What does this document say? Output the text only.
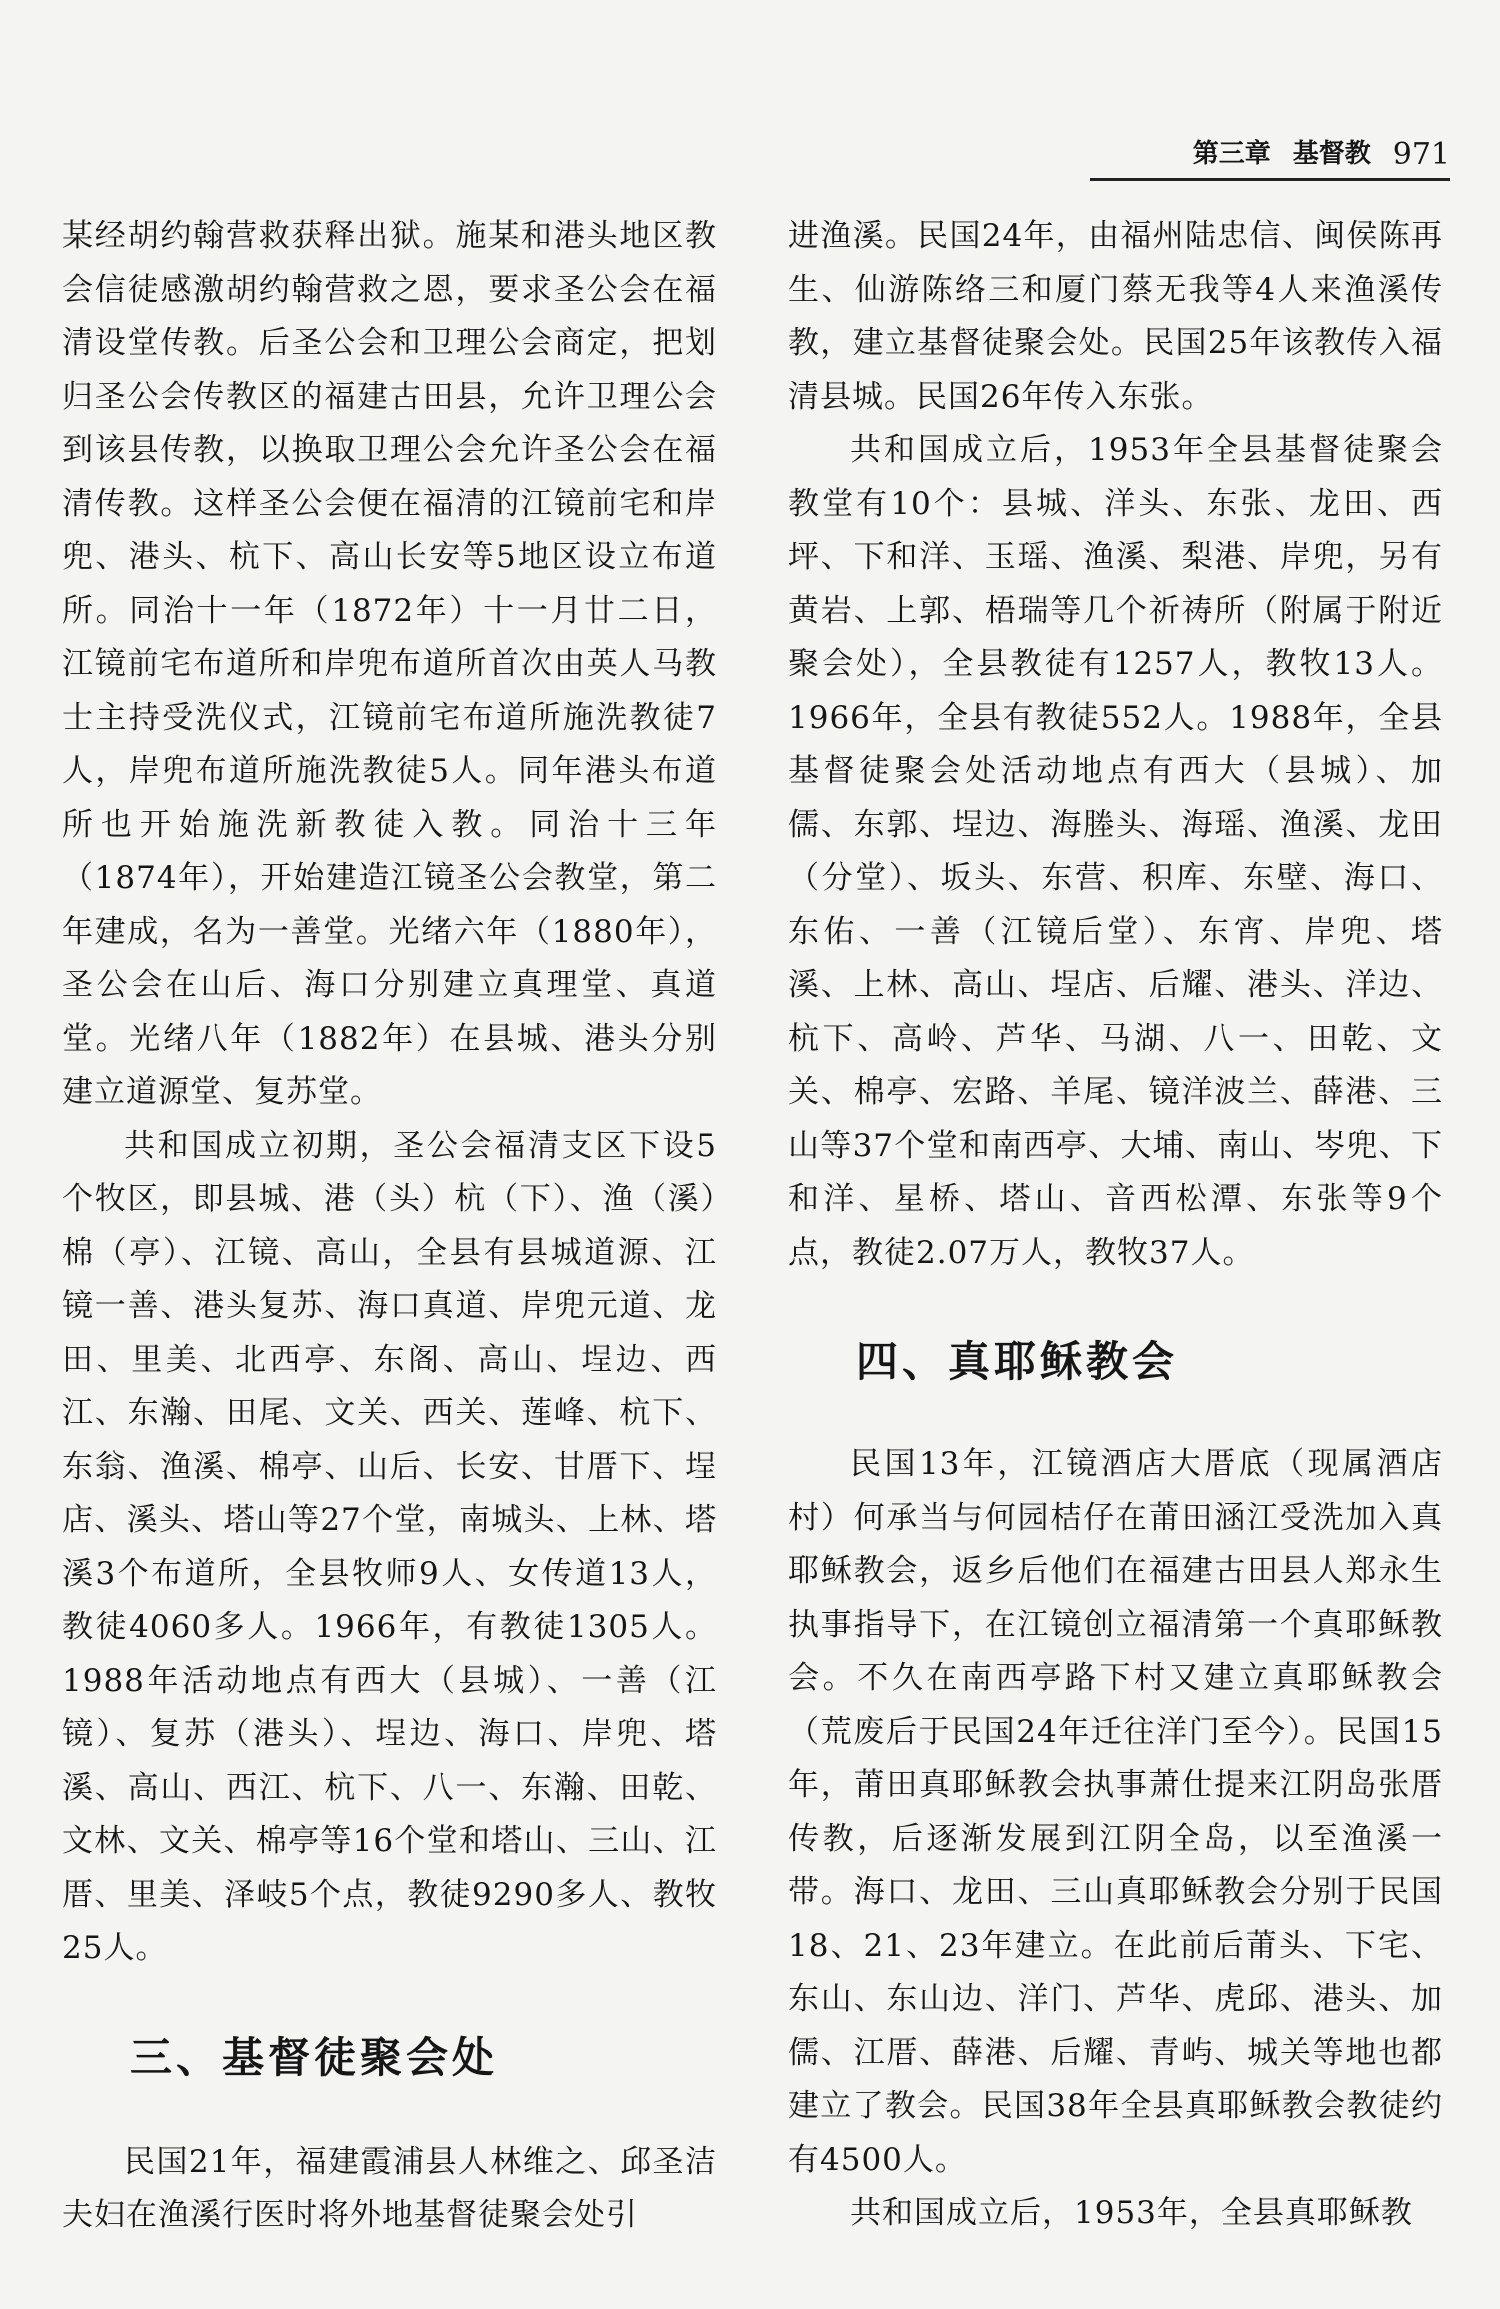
第三章 基督教 971

某经胡约翰营救获释出狱。施某和港头地区教会信徒感激胡约翰营救之恩，要求圣公会在福清设堂传教。后圣公会和卫理公会商定，把划归圣公会传教区的福建古田县，允许卫理公会到该县传教，以换取卫理公会允许圣公会在福清传教。这样圣公会便在福清的江镜前宅和岸兜、港头、杭下、高山长安等5地区设立布道所。同治十一年（1872年）十一月廿二日，江镜前宅布道所和岸兜布道所首次由英人马教士主持受洗仪式，江镜前宅布道所施洗教徒7人，岸兜布道所施洗教徒5人。同年港头布道所也开始施洗新教徒入教。同治十三年（1874年），开始建造江镜圣公会教堂，第二年建成，名为一善堂。光绪六年（1880年），圣公会在山后、海口分别建立真理堂、真道堂。光绪八年（1882年）在县城、港头分别建立道源堂、复苏堂。

共和国成立初期，圣公会福清支区下设5个牧区，即县城、港（头）杭（下）、渔（溪）棉（亭）、江镜、高山，全县有县城道源、江镜一善、港头复苏、海口真道、岸兜元道、龙田、里美、北西亭、东阁、高山、埕边、西江、东瀚、田尾、文关、西关、莲峰、杭下、东翁、渔溪、棉亭、山后、长安、甘厝下、埕店、溪头、塔山等27个堂，南城头、上林、塔溪3个布道所，全县牧师9人、女传道13人，教徒4060多人。1966年，有教徒1305人。1988年活动地点有西大（县城）、一善（江镜）、复苏（港头）、埕边、海口、岸兜、塔溪、高山、西江、杭下、八一、东瀚、田乾、文林、文关、棉亭等16个堂和塔山、三山、江厝、里美、泽岐5个点，教徒9290多人、教牧25人。

三、基督徒聚会处

民国21年，福建霞浦县人林维之、邱圣洁夫妇在渔溪行医时将外地基督徒聚会处引

进渔溪。民国24年，由福州陆忠信、闽侯陈再生、仙游陈络三和厦门蔡无我等4人来渔溪传教，建立基督徒聚会处。民国25年该教传入福清县城。民国26年传入东张。

共和国成立后，1953年全县基督徒聚会教堂有10个：县城、洋头、东张、龙田、西坪、下和洋、玉瑶、渔溪、梨港、岸兜，另有黄岩、上郭、梧瑞等几个祈祷所（附属于附近聚会处），全县教徒有1257人，教牧13人。1966年，全县有教徒552人。1988年，全县基督徒聚会处活动地点有西大（县城）、加儒、东郭、埕边、海塍头、海瑶、渔溪、龙田（分堂）、坂头、东营、积库、东壁、海口、东佑、一善（江镜后堂）、东宵、岸兜、塔溪、上林、高山、埕店、后耀、港头、洋边、杭下、高岭、芦华、马湖、八一、田乾、文关、棉亭、宏路、羊尾、镜洋波兰、薛港、三山等37个堂和南西亭、大埔、南山、岑兜、下和洋、星桥、塔山、音西松潭、东张等9个点，教徒2.07万人，教牧37人。

四、真耶稣教会

民国13年，江镜酒店大厝底（现属酒店村）何承当与何园桔仔在莆田涵江受洗加入真耶稣教会，返乡后他们在福建古田县人郑永生执事指导下，在江镜创立福清第一个真耶稣教会。不久在南西亭路下村又建立真耶稣教会（荒废后于民国24年迁往洋门至今）。民国15年，莆田真耶稣教会执事萧仕提来江阴岛张厝传教，后逐渐发展到江阴全岛，以至渔溪一带。海口、龙田、三山真耶稣教会分别于民国18、21、23年建立。在此前后莆头、下宅、东山、东山边、洋门、芦华、虎邱、港头、加儒、江厝、薛港、后耀、青屿、城关等地也都建立了教会。民国38年全县真耶稣教会教徒约有4500人。

共和国成立后，1953年，全县真耶稣教
